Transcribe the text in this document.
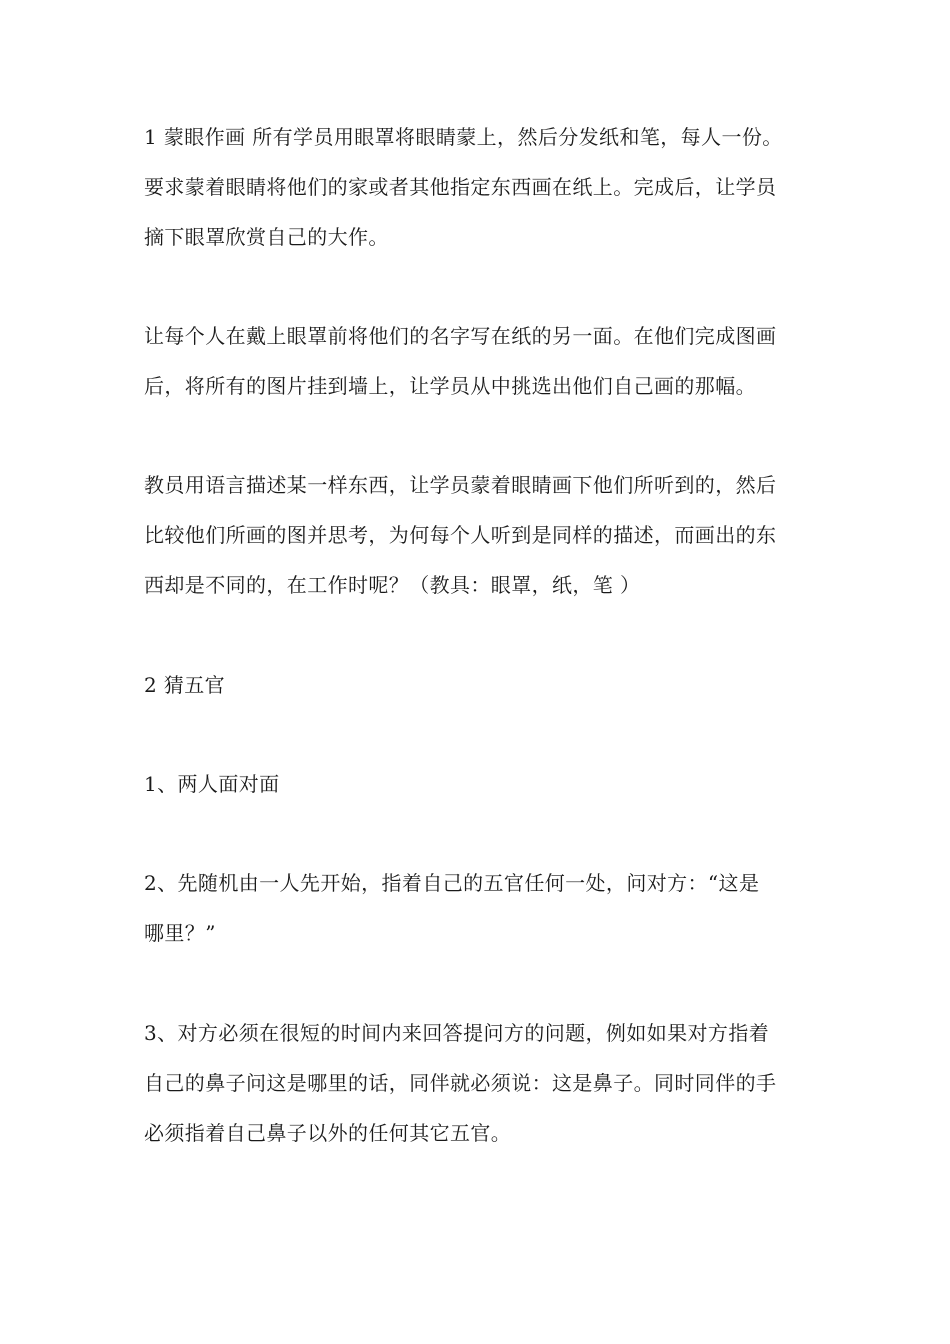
1 蒙眼作画 所有学员用眼罩将眼睛蒙上，然后分发纸和笔，每人一份。
要求蒙着眼睛将他们的家或者其他指定东西画在纸上。完成后，让学员
摘下眼罩欣赏自己的大作。

让每个人在戴上眼罩前将他们的名字写在纸的另一面。在他们完成图画
后，将所有的图片挂到墙上，让学员从中挑选出他们自己画的那幅。

教员用语言描述某一样东西，让学员蒙着眼睛画下他们所听到的，然后
比较他们所画的图并思考，为何每个人听到是同样的描述，而画出的东
西却是不同的，在工作时呢？（教具：眼罩，纸，笔 ）

2 猜五官

1、两人面对面

2、先随机由一人先开始，指着自己的五官任何一处，问对方：“这是
哪里？”

3、对方必须在很短的时间内来回答提问方的问题，例如如果对方指着
自己的鼻子问这是哪里的话，同伴就必须说：这是鼻子。同时同伴的手
必须指着自己鼻子以外的任何其它五官。
